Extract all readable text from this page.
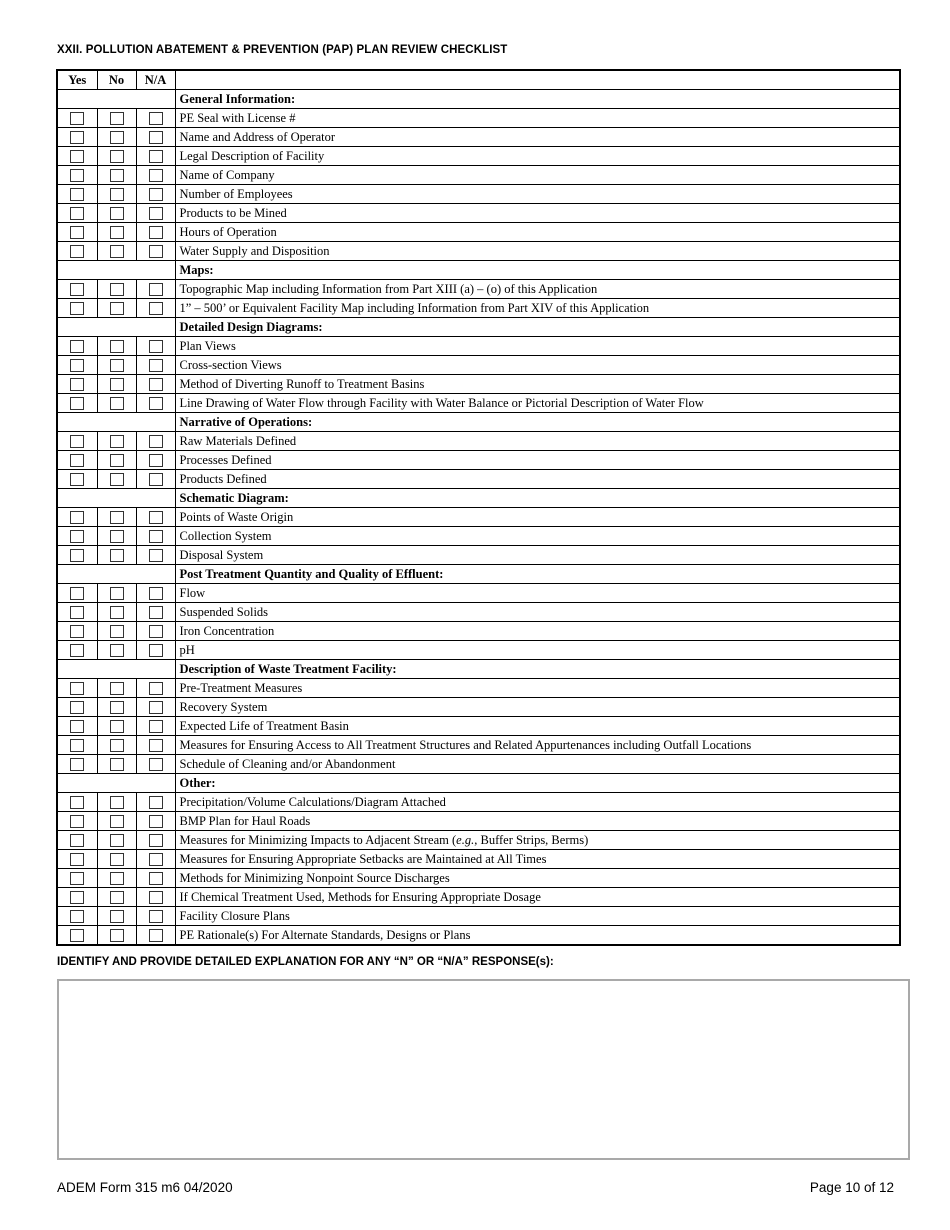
XXII. POLLUTION ABATEMENT & PREVENTION (PAP) PLAN REVIEW CHECKLIST
Yes	No	N/A	
			General Information:
			PE Seal with License #
			Name and Address of Operator
			Legal Description of Facility
			Name of Company
			Number of Employees
			Products to be Mined
			Hours of Operation
			Water Supply and Disposition
			Maps:
			Topographic Map including Information from Part XIII (a) – (o) of this Application
			1” – 500’ or Equivalent Facility Map including Information from Part XIV of this Application
			Detailed Design Diagrams:
			Plan Views
			Cross-section Views
			Method of Diverting Runoff to Treatment Basins
			Line Drawing of Water Flow through Facility with Water Balance or Pictorial Description of Water Flow
			Narrative of Operations:
			Raw Materials Defined
			Processes Defined
			Products Defined
			Schematic Diagram:
			Points of Waste Origin
			Collection System
			Disposal System
			Post Treatment Quantity and Quality of Effluent:
			Flow
			Suspended Solids
			Iron Concentration
			pH
			Description of Waste Treatment Facility:
			Pre-Treatment Measures
			Recovery System
			Expected Life of Treatment Basin
			Measures for Ensuring Access to All Treatment Structures and Related Appurtenances including Outfall Locations
			Schedule of Cleaning and/or Abandonment
			Other:
			Precipitation/Volume Calculations/Diagram Attached
			BMP Plan for Haul Roads
			Measures for Minimizing Impacts to Adjacent Stream (e.g., Buffer Strips, Berms)
			Measures for Ensuring Appropriate Setbacks are Maintained at All Times
			Methods for Minimizing Nonpoint Source Discharges
			If Chemical Treatment Used, Methods for Ensuring Appropriate Dosage
			Facility Closure Plans
			PE Rationale(s) For Alternate Standards, Designs or Plans
IDENTIFY AND PROVIDE DETAILED EXPLANATION FOR ANY “N” OR “N/A” RESPONSE(s):
ADEM Form 315 m6 04/2020	Page 10 of 12
